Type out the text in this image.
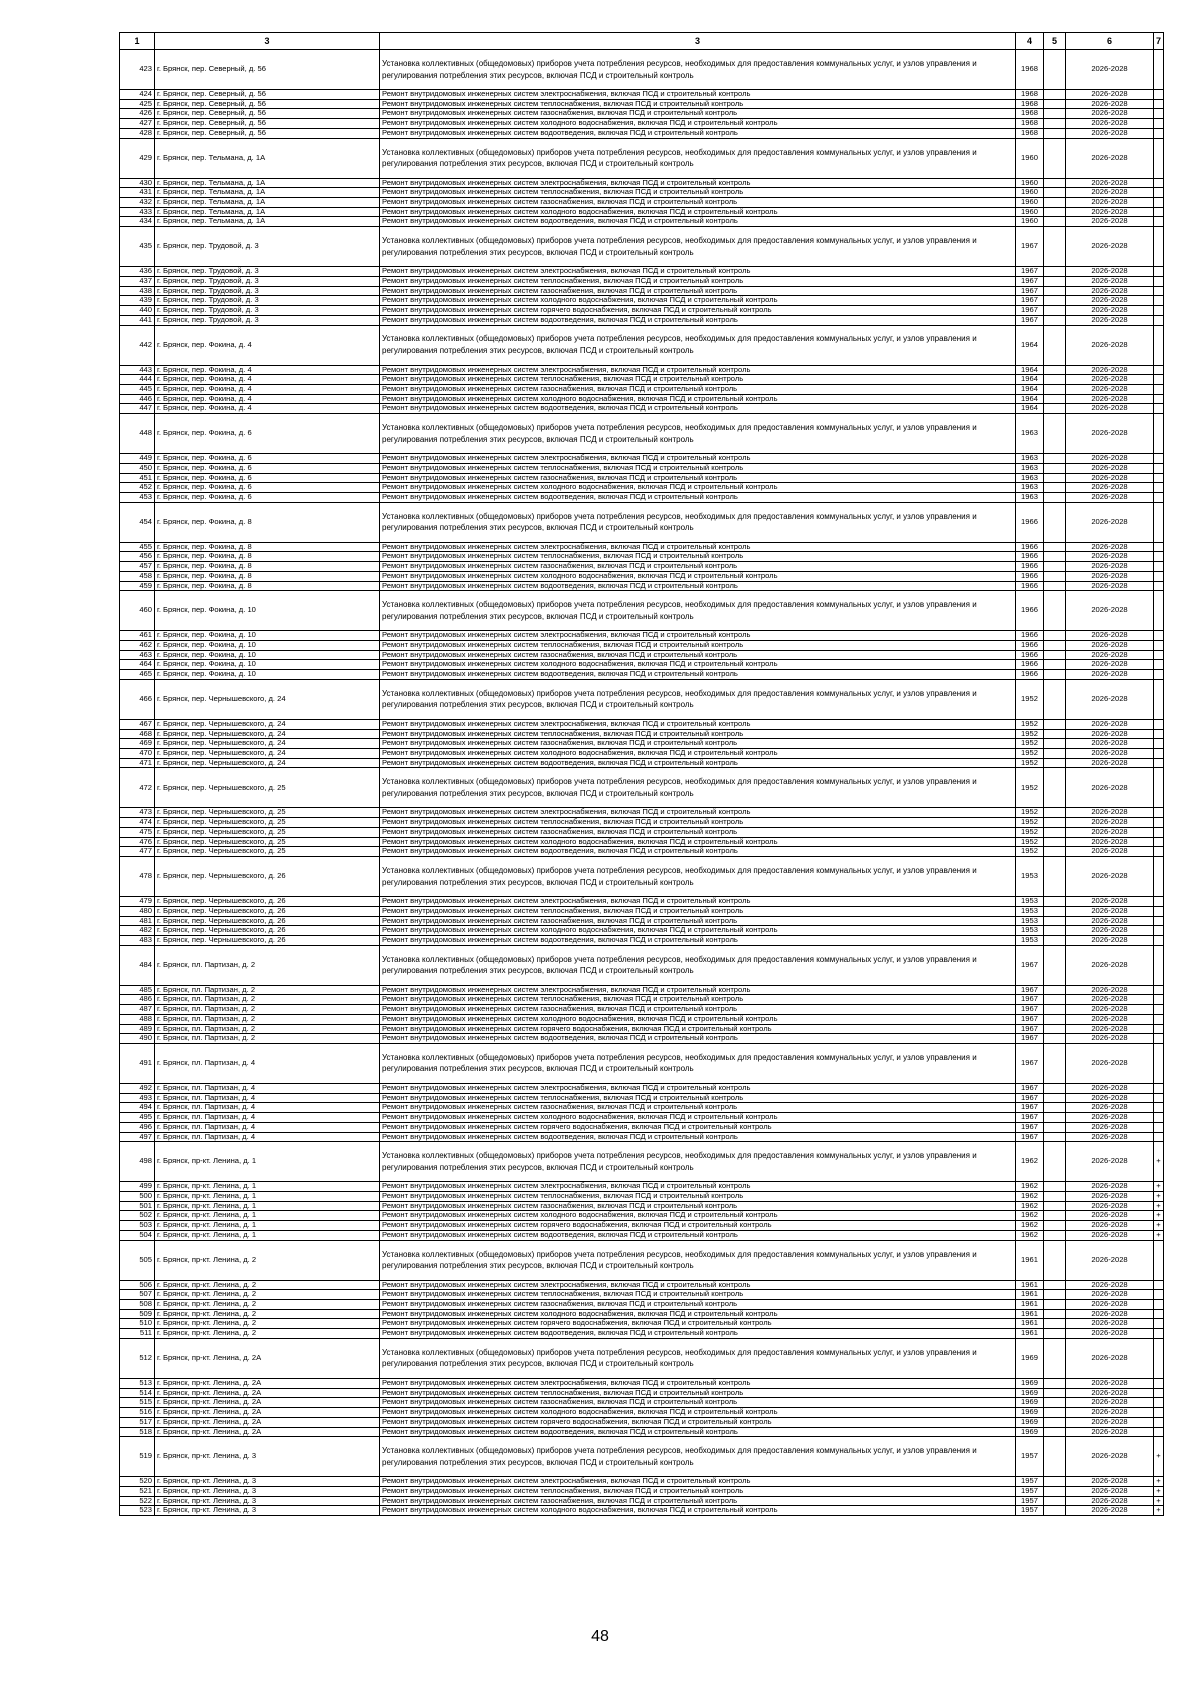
1	3	3	4	5	6	7
423	г. Брянск, пер. Северный, д. 56	Установка коллективных (общедомовых) приборов учета потребления ресурсов, необходимых для предоставления коммунальных услуг, и узлов управления и регулирования потребления этих ресурсов, включая ПСД и строительный контроль	1968		2026-2028	
424	г. Брянск, пер. Северный, д. 56	Ремонт внутридомовых инженерных систем электроснабжения, включая ПСД и строительный контроль	1968		2026-2028	
425	г. Брянск, пер. Северный, д. 56	Ремонт внутридомовых инженерных систем теплоснабжения, включая ПСД и строительный контроль	1968		2026-2028	
426	г. Брянск, пер. Северный, д. 56	Ремонт внутридомовых инженерных систем газоснабжения, включая ПСД и строительный контроль	1968		2026-2028	
427	г. Брянск, пер. Северный, д. 56	Ремонт внутридомовых инженерных систем холодного водоснабжения, включая ПСД и строительный контроль	1968		2026-2028	
428	г. Брянск, пер. Северный, д. 56	Ремонт внутридомовых инженерных систем водоотведения, включая ПСД и строительный контроль	1968		2026-2028	
429	г. Брянск, пер. Тельмана, д. 1А	Установка коллективных (общедомовых) приборов учета потребления ресурсов, необходимых для предоставления коммунальных услуг, и узлов управления и регулирования потребления этих ресурсов, включая ПСД и строительный контроль	1960		2026-2028	
430	г. Брянск, пер. Тельмана, д. 1А	Ремонт внутридомовых инженерных систем электроснабжения, включая ПСД и строительный контроль	1960		2026-2028	
431	г. Брянск, пер. Тельмана, д. 1А	Ремонт внутридомовых инженерных систем теплоснабжения, включая ПСД и строительный контроль	1960		2026-2028	
432	г. Брянск, пер. Тельмана, д. 1А	Ремонт внутридомовых инженерных систем газоснабжения, включая ПСД и строительный контроль	1960		2026-2028	
433	г. Брянск, пер. Тельмана, д. 1А	Ремонт внутридомовых инженерных систем холодного водоснабжения, включая ПСД и строительный контроль	1960		2026-2028	
434	г. Брянск, пер. Тельмана, д. 1А	Ремонт внутридомовых инженерных систем водоотведения, включая ПСД и строительный контроль	1960		2026-2028	
435	г. Брянск, пер. Трудовой, д. 3	Установка коллективных (общедомовых) приборов учета потребления ресурсов, необходимых для предоставления коммунальных услуг, и узлов управления и регулирования потребления этих ресурсов, включая ПСД и строительный контроль	1967		2026-2028	
436	г. Брянск, пер. Трудовой, д. 3	Ремонт внутридомовых инженерных систем электроснабжения, включая ПСД и строительный контроль	1967		2026-2028	
437	г. Брянск, пер. Трудовой, д. 3	Ремонт внутридомовых инженерных систем теплоснабжения, включая ПСД и строительный контроль	1967		2026-2028	
438	г. Брянск, пер. Трудовой, д. 3	Ремонт внутридомовых инженерных систем газоснабжения, включая ПСД и строительный контроль	1967		2026-2028	
439	г. Брянск, пер. Трудовой, д. 3	Ремонт внутридомовых инженерных систем холодного водоснабжения, включая ПСД и строительный контроль	1967		2026-2028	
440	г. Брянск, пер. Трудовой, д. 3	Ремонт внутридомовых инженерных систем горячего водоснабжения, включая ПСД и строительный контроль	1967		2026-2028	
441	г. Брянск, пер. Трудовой, д. 3	Ремонт внутридомовых инженерных систем водоотведения, включая ПСД и строительный контроль	1967		2026-2028	
442	г. Брянск, пер. Фокина, д. 4	Установка коллективных (общедомовых) приборов учета потребления ресурсов, необходимых для предоставления коммунальных услуг, и узлов управления и регулирования потребления этих ресурсов, включая ПСД и строительный контроль	1964		2026-2028	
443	г. Брянск, пер. Фокина, д. 4	Ремонт внутридомовых инженерных систем электроснабжения, включая ПСД и строительный контроль	1964		2026-2028	
444	г. Брянск, пер. Фокина, д. 4	Ремонт внутридомовых инженерных систем теплоснабжения, включая ПСД и строительный контроль	1964		2026-2028	
445	г. Брянск, пер. Фокина, д. 4	Ремонт внутридомовых инженерных систем газоснабжения, включая ПСД и строительный контроль	1964		2026-2028	
446	г. Брянск, пер. Фокина, д. 4	Ремонт внутридомовых инженерных систем холодного водоснабжения, включая ПСД и строительный контроль	1964		2026-2028	
447	г. Брянск, пер. Фокина, д. 4	Ремонт внутридомовых инженерных систем водоотведения, включая ПСД и строительный контроль	1964		2026-2028	
448	г. Брянск, пер. Фокина, д. 6	Установка коллективных (общедомовых) приборов учета потребления ресурсов, необходимых для предоставления коммунальных услуг, и узлов управления и регулирования потребления этих ресурсов, включая ПСД и строительный контроль	1963		2026-2028	
449	г. Брянск, пер. Фокина, д. 6	Ремонт внутридомовых инженерных систем электроснабжения, включая ПСД и строительный контроль	1963		2026-2028	
450	г. Брянск, пер. Фокина, д. 6	Ремонт внутридомовых инженерных систем теплоснабжения, включая ПСД и строительный контроль	1963		2026-2028	
451	г. Брянск, пер. Фокина, д. 6	Ремонт внутридомовых инженерных систем газоснабжения, включая ПСД и строительный контроль	1963		2026-2028	
452	г. Брянск, пер. Фокина, д. 6	Ремонт внутридомовых инженерных систем холодного водоснабжения, включая ПСД и строительный контроль	1963		2026-2028	
453	г. Брянск, пер. Фокина, д. 6	Ремонт внутридомовых инженерных систем водоотведения, включая ПСД и строительный контроль	1963		2026-2028	
454	г. Брянск, пер. Фокина, д. 8	Установка коллективных (общедомовых) приборов учета потребления ресурсов, необходимых для предоставления коммунальных услуг, и узлов управления и регулирования потребления этих ресурсов, включая ПСД и строительный контроль	1966		2026-2028	
455	г. Брянск, пер. Фокина, д. 8	Ремонт внутридомовых инженерных систем электроснабжения, включая ПСД и строительный контроль	1966		2026-2028	
456	г. Брянск, пер. Фокина, д. 8	Ремонт внутридомовых инженерных систем теплоснабжения, включая ПСД и строительный контроль	1966		2026-2028	
457	г. Брянск, пер. Фокина, д. 8	Ремонт внутридомовых инженерных систем газоснабжения, включая ПСД и строительный контроль	1966		2026-2028	
458	г. Брянск, пер. Фокина, д. 8	Ремонт внутридомовых инженерных систем холодного водоснабжения, включая ПСД и строительный контроль	1966		2026-2028	
459	г. Брянск, пер. Фокина, д. 8	Ремонт внутридомовых инженерных систем водоотведения, включая ПСД и строительный контроль	1966		2026-2028	
460	г. Брянск, пер. Фокина, д. 10	Установка коллективных (общедомовых) приборов учета потребления ресурсов, необходимых для предоставления коммунальных услуг, и узлов управления и регулирования потребления этих ресурсов, включая ПСД и строительный контроль	1966		2026-2028	
461	г. Брянск, пер. Фокина, д. 10	Ремонт внутридомовых инженерных систем электроснабжения, включая ПСД и строительный контроль	1966		2026-2028	
462	г. Брянск, пер. Фокина, д. 10	Ремонт внутридомовых инженерных систем теплоснабжения, включая ПСД и строительный контроль	1966		2026-2028	
463	г. Брянск, пер. Фокина, д. 10	Ремонт внутридомовых инженерных систем газоснабжения, включая ПСД и строительный контроль	1966		2026-2028	
464	г. Брянск, пер. Фокина, д. 10	Ремонт внутридомовых инженерных систем холодного водоснабжения, включая ПСД и строительный контроль	1966		2026-2028	
465	г. Брянск, пер. Фокина, д. 10	Ремонт внутридомовых инженерных систем водоотведения, включая ПСД и строительный контроль	1966		2026-2028	
466	г. Брянск, пер. Чернышевского, д. 24	Установка коллективных (общедомовых) приборов учета потребления ресурсов, необходимых для предоставления коммунальных услуг, и узлов управления и регулирования потребления этих ресурсов, включая ПСД и строительный контроль	1952		2026-2028	
467	г. Брянск, пер. Чернышевского, д. 24	Ремонт внутридомовых инженерных систем электроснабжения, включая ПСД и строительный контроль	1952		2026-2028	
468	г. Брянск, пер. Чернышевского, д. 24	Ремонт внутридомовых инженерных систем теплоснабжения, включая ПСД и строительный контроль	1952		2026-2028	
469	г. Брянск, пер. Чернышевского, д. 24	Ремонт внутридомовых инженерных систем газоснабжения, включая ПСД и строительный контроль	1952		2026-2028	
470	г. Брянск, пер. Чернышевского, д. 24	Ремонт внутридомовых инженерных систем холодного водоснабжения, включая ПСД и строительный контроль	1952		2026-2028	
471	г. Брянск, пер. Чернышевского, д. 24	Ремонт внутридомовых инженерных систем водоотведения, включая ПСД и строительный контроль	1952		2026-2028	
472	г. Брянск, пер. Чернышевского, д. 25	Установка коллективных (общедомовых) приборов учета потребления ресурсов, необходимых для предоставления коммунальных услуг, и узлов управления и регулирования потребления этих ресурсов, включая ПСД и строительный контроль	1952		2026-2028	
473	г. Брянск, пер. Чернышевского, д. 25	Ремонт внутридомовых инженерных систем электроснабжения, включая ПСД и строительный контроль	1952		2026-2028	
474	г. Брянск, пер. Чернышевского, д. 25	Ремонт внутридомовых инженерных систем теплоснабжения, включая ПСД и строительный контроль	1952		2026-2028	
475	г. Брянск, пер. Чернышевского, д. 25	Ремонт внутридомовых инженерных систем газоснабжения, включая ПСД и строительный контроль	1952		2026-2028	
476	г. Брянск, пер. Чернышевского, д. 25	Ремонт внутридомовых инженерных систем холодного водоснабжения, включая ПСД и строительный контроль	1952		2026-2028	
477	г. Брянск, пер. Чернышевского, д. 25	Ремонт внутридомовых инженерных систем водоотведения, включая ПСД и строительный контроль	1952		2026-2028	
478	г. Брянск, пер. Чернышевского, д. 26	Установка коллективных (общедомовых) приборов учета потребления ресурсов, необходимых для предоставления коммунальных услуг, и узлов управления и регулирования потребления этих ресурсов, включая ПСД и строительный контроль	1953		2026-2028	
479	г. Брянск, пер. Чернышевского, д. 26	Ремонт внутридомовых инженерных систем электроснабжения, включая ПСД и строительный контроль	1953		2026-2028	
480	г. Брянск, пер. Чернышевского, д. 26	Ремонт внутридомовых инженерных систем теплоснабжения, включая ПСД и строительный контроль	1953		2026-2028	
481	г. Брянск, пер. Чернышевского, д. 26	Ремонт внутридомовых инженерных систем газоснабжения, включая ПСД и строительный контроль	1953		2026-2028	
482	г. Брянск, пер. Чернышевского, д. 26	Ремонт внутридомовых инженерных систем холодного водоснабжения, включая ПСД и строительный контроль	1953		2026-2028	
483	г. Брянск, пер. Чернышевского, д. 26	Ремонт внутридомовых инженерных систем водоотведения, включая ПСД и строительный контроль	1953		2026-2028	
484	г. Брянск, пл. Партизан, д. 2	Установка коллективных (общедомовых) приборов учета потребления ресурсов, необходимых для предоставления коммунальных услуг, и узлов управления и регулирования потребления этих ресурсов, включая ПСД и строительный контроль	1967		2026-2028	
485	г. Брянск, пл. Партизан, д. 2	Ремонт внутридомовых инженерных систем электроснабжения, включая ПСД и строительный контроль	1967		2026-2028	
486	г. Брянск, пл. Партизан, д. 2	Ремонт внутридомовых инженерных систем теплоснабжения, включая ПСД и строительный контроль	1967		2026-2028	
487	г. Брянск, пл. Партизан, д. 2	Ремонт внутридомовых инженерных систем газоснабжения, включая ПСД и строительный контроль	1967		2026-2028	
488	г. Брянск, пл. Партизан, д. 2	Ремонт внутридомовых инженерных систем холодного водоснабжения, включая ПСД и строительный контроль	1967		2026-2028	
489	г. Брянск, пл. Партизан, д. 2	Ремонт внутридомовых инженерных систем горячего водоснабжения, включая ПСД и строительный контроль	1967		2026-2028	
490	г. Брянск, пл. Партизан, д. 2	Ремонт внутридомовых инженерных систем водоотведения, включая ПСД и строительный контроль	1967		2026-2028	
491	г. Брянск, пл. Партизан, д. 4	Установка коллективных (общедомовых) приборов учета потребления ресурсов, необходимых для предоставления коммунальных услуг, и узлов управления и регулирования потребления этих ресурсов, включая ПСД и строительный контроль	1967		2026-2028	
492	г. Брянск, пл. Партизан, д. 4	Ремонт внутридомовых инженерных систем электроснабжения, включая ПСД и строительный контроль	1967		2026-2028	
493	г. Брянск, пл. Партизан, д. 4	Ремонт внутридомовых инженерных систем теплоснабжения, включая ПСД и строительный контроль	1967		2026-2028	
494	г. Брянск, пл. Партизан, д. 4	Ремонт внутридомовых инженерных систем газоснабжения, включая ПСД и строительный контроль	1967		2026-2028	
495	г. Брянск, пл. Партизан, д. 4	Ремонт внутридомовых инженерных систем холодного водоснабжения, включая ПСД и строительный контроль	1967		2026-2028	
496	г. Брянск, пл. Партизан, д. 4	Ремонт внутридомовых инженерных систем горячего водоснабжения, включая ПСД и строительный контроль	1967		2026-2028	
497	г. Брянск, пл. Партизан, д. 4	Ремонт внутридомовых инженерных систем водоотведения, включая ПСД и строительный контроль	1967		2026-2028	
498	г. Брянск, пр-кт. Ленина, д. 1	Установка коллективных (общедомовых) приборов учета потребления ресурсов, необходимых для предоставления коммунальных услуг, и узлов управления и регулирования потребления этих ресурсов, включая ПСД и строительный контроль	1962		2026-2028	+
499	г. Брянск, пр-кт. Ленина, д. 1	Ремонт внутридомовых инженерных систем электроснабжения, включая ПСД и строительный контроль	1962		2026-2028	+
500	г. Брянск, пр-кт. Ленина, д. 1	Ремонт внутридомовых инженерных систем теплоснабжения, включая ПСД и строительный контроль	1962		2026-2028	+
501	г. Брянск, пр-кт. Ленина, д. 1	Ремонт внутридомовых инженерных систем газоснабжения, включая ПСД и строительный контроль	1962		2026-2028	+
502	г. Брянск, пр-кт. Ленина, д. 1	Ремонт внутридомовых инженерных систем холодного водоснабжения, включая ПСД и строительный контроль	1962		2026-2028	+
503	г. Брянск, пр-кт. Ленина, д. 1	Ремонт внутридомовых инженерных систем горячего водоснабжения, включая ПСД и строительный контроль	1962		2026-2028	+
504	г. Брянск, пр-кт. Ленина, д. 1	Ремонт внутридомовых инженерных систем водоотведения, включая ПСД и строительный контроль	1962		2026-2028	+
505	г. Брянск, пр-кт. Ленина, д. 2	Установка коллективных (общедомовых) приборов учета потребления ресурсов, необходимых для предоставления коммунальных услуг, и узлов управления и регулирования потребления этих ресурсов, включая ПСД и строительный контроль	1961		2026-2028	
506	г. Брянск, пр-кт. Ленина, д. 2	Ремонт внутридомовых инженерных систем электроснабжения, включая ПСД и строительный контроль	1961		2026-2028	
507	г. Брянск, пр-кт. Ленина, д. 2	Ремонт внутридомовых инженерных систем теплоснабжения, включая ПСД и строительный контроль	1961		2026-2028	
508	г. Брянск, пр-кт. Ленина, д. 2	Ремонт внутридомовых инженерных систем газоснабжения, включая ПСД и строительный контроль	1961		2026-2028	
509	г. Брянск, пр-кт. Ленина, д. 2	Ремонт внутридомовых инженерных систем холодного водоснабжения, включая ПСД и строительный контроль	1961		2026-2028	
510	г. Брянск, пр-кт. Ленина, д. 2	Ремонт внутридомовых инженерных систем горячего водоснабжения, включая ПСД и строительный контроль	1961		2026-2028	
511	г. Брянск, пр-кт. Ленина, д. 2	Ремонт внутридомовых инженерных систем водоотведения, включая ПСД и строительный контроль	1961		2026-2028	
512	г. Брянск, пр-кт. Ленина, д. 2А	Установка коллективных (общедомовых) приборов учета потребления ресурсов, необходимых для предоставления коммунальных услуг, и узлов управления и регулирования потребления этих ресурсов, включая ПСД и строительный контроль	1969		2026-2028	
513	г. Брянск, пр-кт. Ленина, д. 2А	Ремонт внутридомовых инженерных систем электроснабжения, включая ПСД и строительный контроль	1969		2026-2028	
514	г. Брянск, пр-кт. Ленина, д. 2А	Ремонт внутридомовых инженерных систем теплоснабжения, включая ПСД и строительный контроль	1969		2026-2028	
515	г. Брянск, пр-кт. Ленина, д. 2А	Ремонт внутридомовых инженерных систем газоснабжения, включая ПСД и строительный контроль	1969		2026-2028	
516	г. Брянск, пр-кт. Ленина, д. 2А	Ремонт внутридомовых инженерных систем холодного водоснабжения, включая ПСД и строительный контроль	1969		2026-2028	
517	г. Брянск, пр-кт. Ленина, д. 2А	Ремонт внутридомовых инженерных систем горячего водоснабжения, включая ПСД и строительный контроль	1969		2026-2028	
518	г. Брянск, пр-кт. Ленина, д. 2А	Ремонт внутридомовых инженерных систем водоотведения, включая ПСД и строительный контроль	1969		2026-2028	
519	г. Брянск, пр-кт. Ленина, д. 3	Установка коллективных (общедомовых) приборов учета потребления ресурсов, необходимых для предоставления коммунальных услуг, и узлов управления и регулирования потребления этих ресурсов, включая ПСД и строительный контроль	1957		2026-2028	+
520	г. Брянск, пр-кт. Ленина, д. 3	Ремонт внутридомовых инженерных систем электроснабжения, включая ПСД и строительный контроль	1957		2026-2028	+
521	г. Брянск, пр-кт. Ленина, д. 3	Ремонт внутридомовых инженерных систем теплоснабжения, включая ПСД и строительный контроль	1957		2026-2028	+
522	г. Брянск, пр-кт. Ленина, д. 3	Ремонт внутридомовых инженерных систем газоснабжения, включая ПСД и строительный контроль	1957		2026-2028	+
523	г. Брянск, пр-кт. Ленина, д. 3	Ремонт внутридомовых инженерных систем холодного водоснабжения, включая ПСД и строительный контроль	1957		2026-2028	+
48
